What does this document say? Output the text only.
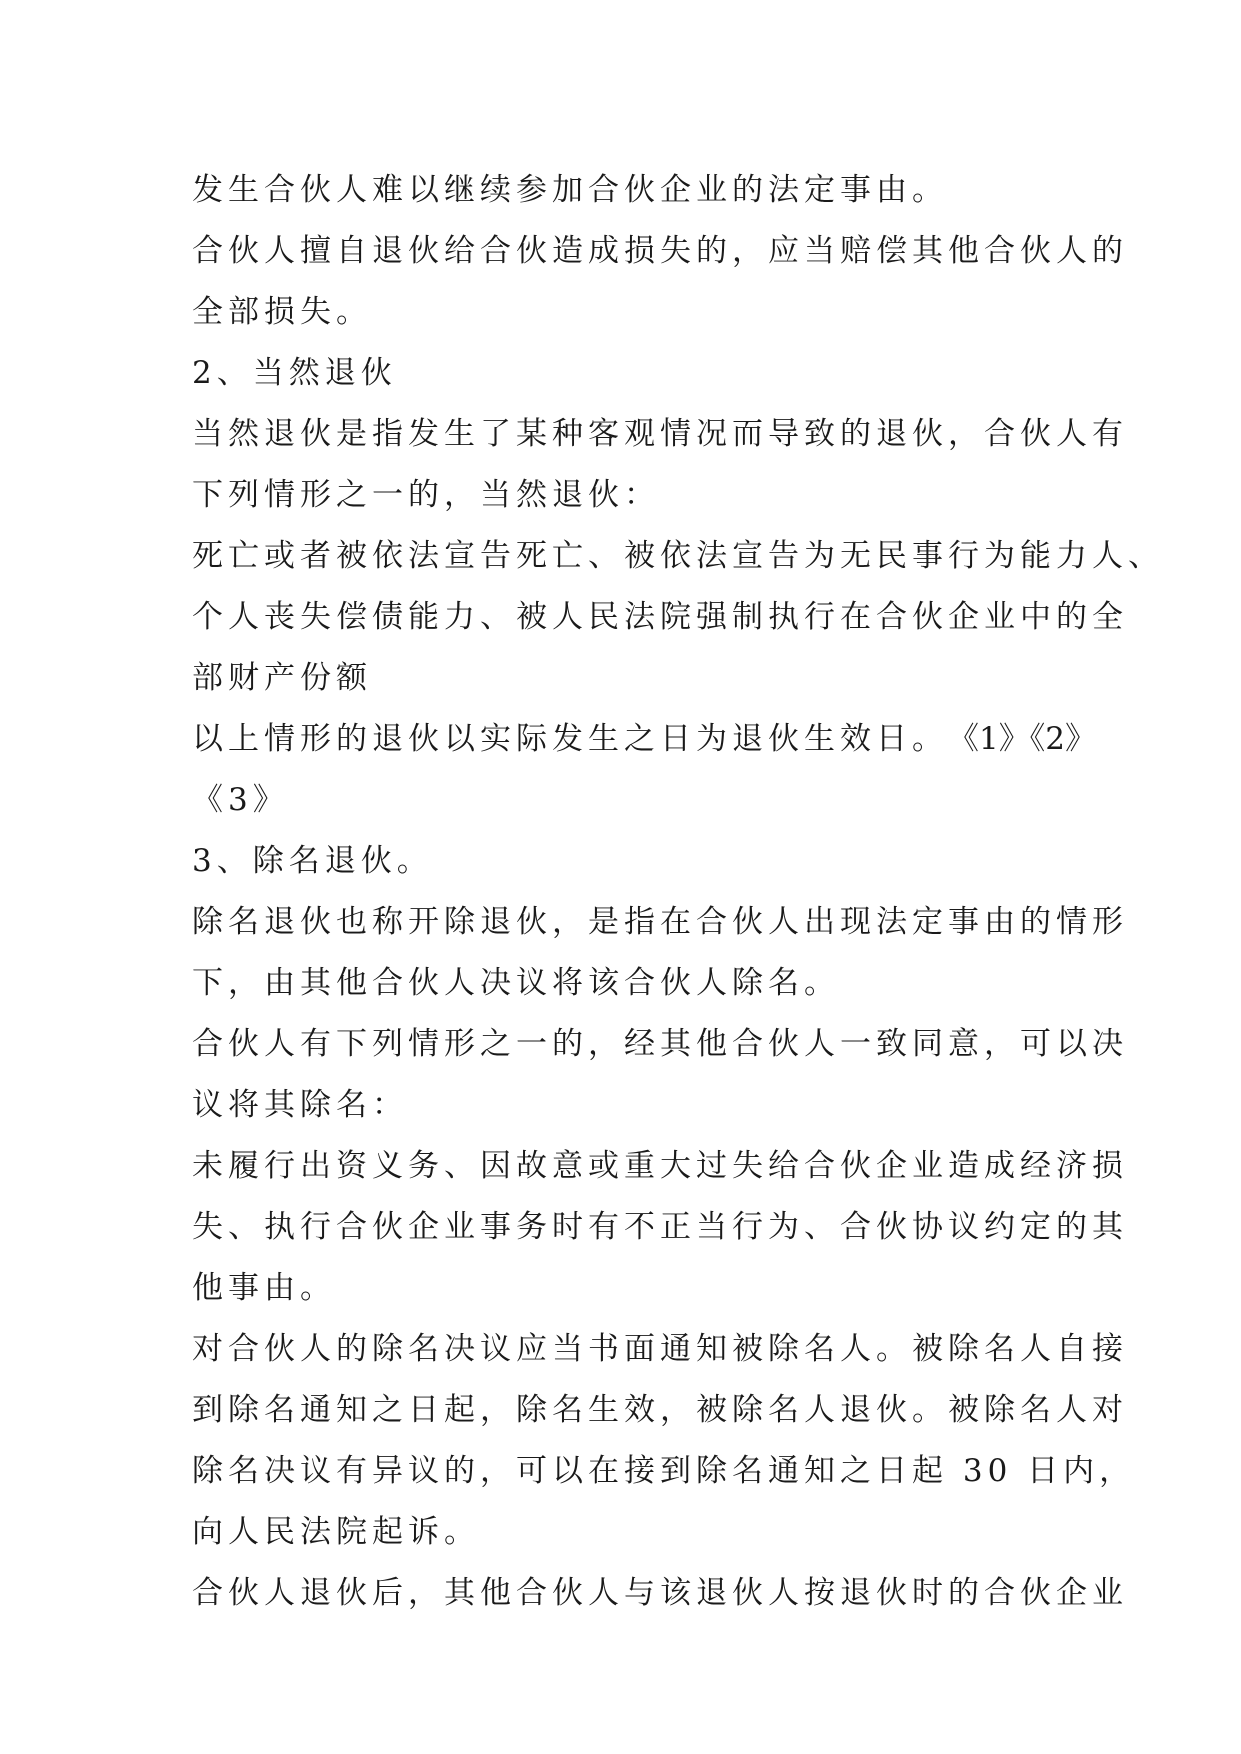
发生合伙人难以继续参加合伙企业的法定事由。
合伙人擅自退伙给合伙造成损失的，应当赔偿其他合伙人的
全部损失。
2、当然退伙
当然退伙是指发生了某种客观情况而导致的退伙，合伙人有
下列情形之一的，当然退伙：
死亡或者被依法宣告死亡、被依法宣告为无民事行为能力人、
个人丧失偿债能力、被人民法院强制执行在合伙企业中的全
部财产份额
以上情形的退伙以实际发生之日为退伙生效日。 《1》《2》
《3》
3、除名退伙。
除名退伙也称开除退伙，是指在合伙人出现法定事由的情形
下，由其他合伙人决议将该合伙人除名。
合伙人有下列情形之一的，经其他合伙人一致同意，可以决
议将其除名：
未履行出资义务、因故意或重大过失给合伙企业造成经济损
失、执行合伙企业事务时有不正当行为、合伙协议约定的其
他事由。
对合伙人的除名决议应当书面通知被除名人。被除名人自接
到除名通知之日起，除名生效，被除名人退伙。被除名人对
除名决议有异议的，可以在接到除名通知之日起 30 日内，
向人民法院起诉。
合伙人退伙后，其他合伙人与该退伙人按退伙时的合伙企业
